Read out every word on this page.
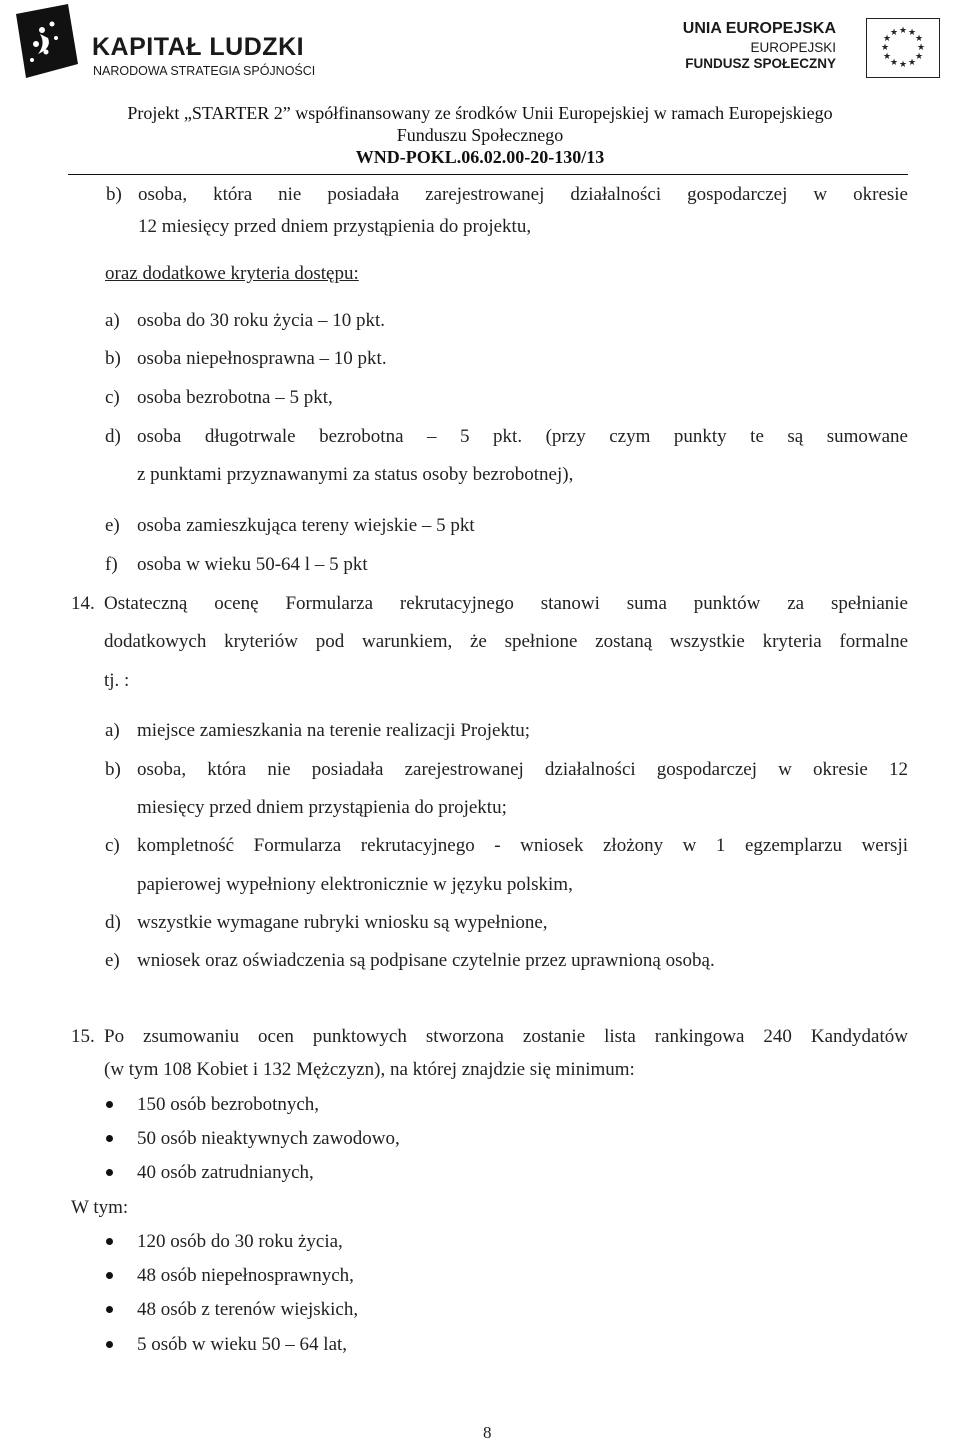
KAPITAŁ LUDZKI
NARODOWA STRATEGIA SPÓJNOŚCI
UNIA EUROPEJSKA
EUROPEJSKI
FUNDUSZ SPOŁECZNY
★ ★
★
★
★
★
★
★
★
★
★
★
Projekt „STARTER 2” współfinansowany ze środków Unii Europejskiej w ramach Europejskiego
Funduszu Społecznego
WND-POKL.06.02.00-20-130/13
b) osoba, która nie posiadała zarejestrowanej działalności gospodarczej w okresie
12 miesięcy przed dniem przystąpienia do projektu,
oraz dodatkowe kryteria dostępu:
a) osoba do 30 roku życia – 10 pkt.
b) osoba niepełnosprawna – 10 pkt.
c) osoba bezrobotna – 5 pkt,
d) osoba długotrwale bezrobotna – 5 pkt. (przy czym punkty te są sumowane
z punktami przyznawanymi za status osoby bezrobotnej),
e) osoba zamieszkująca tereny wiejskie – 5 pkt
f) osoba w wieku 50-64 l – 5 pkt
14. Ostateczną ocenę Formularza rekrutacyjnego stanowi suma punktów za spełnianie
dodatkowych kryteriów pod warunkiem, że spełnione zostaną wszystkie kryteria formalne
tj. :
a) miejsce zamieszkania na terenie realizacji Projektu;
b) osoba, która nie posiadała zarejestrowanej działalności gospodarczej w okresie 12
miesięcy przed dniem przystąpienia do projektu;
c) kompletność Formularza rekrutacyjnego - wniosek złożony w 1 egzemplarzu wersji
papierowej wypełniony elektronicznie w języku polskim,
d) wszystkie wymagane rubryki wniosku są wypełnione,
e) wniosek oraz oświadczenia są podpisane czytelnie przez uprawnioną osobą.
15. Po zsumowaniu ocen punktowych stworzona zostanie lista rankingowa 240 Kandydatów
(w tym 108 Kobiet i 132 Mężczyzn), na której znajdzie się minimum:
150 osób bezrobotnych,
50 osób nieaktywnych zawodowo,
40 osób zatrudnianych,
W tym:
120 osób do 30 roku życia,
48 osób niepełnosprawnych,
48 osób z terenów wiejskich,
5 osób w wieku 50 – 64 lat,
8
